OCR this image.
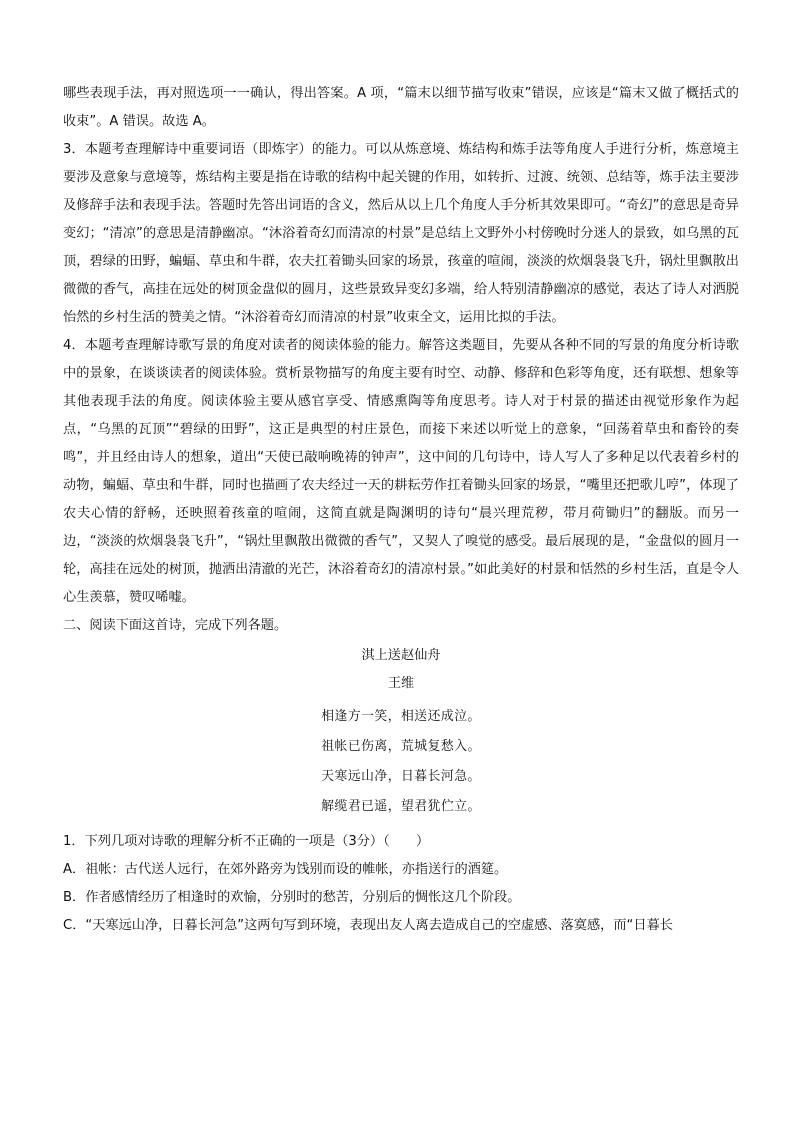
哪些表现手法，再对照选项一一确认，得出答案。A 项，“篇末以细节描写收束”错误，应该是“篇末又做了概括式的收束”。A 错误。故选 A。

3．本题考查理解诗中重要词语（即炼字）的能力。可以从炼意境、炼结构和炼手法等角度人手进行分析，炼意境主要涉及意象与意境等，炼结构主要是指在诗歌的结构中起关键的作用，如转折、过渡、统领、总结等，炼手法主要涉及修辞手法和表现手法。答题时先答出词语的含义，然后从以上几个角度人手分析其效果即可。“奇幻”的意思是奇异变幻；“清凉”的意思是清静幽凉。“沐浴着奇幻而清凉的村景”是总结上文野外小村傍晚时分迷人的景致，如乌黑的瓦顶，碧绿的田野，蝙蝠、草虫和牛群，农夫扛着锄头回家的场景，孩童的喧闹，淡淡的炊烟袅袅飞升，锅灶里飘散出微微的香气，高挂在远处的树顶金盘似的圆月，这些景致异变幻多端，给人特别清静幽凉的感觉，表达了诗人对洒脱怡然的乡村生活的赞美之情。“沐浴着奇幻而清凉的村景”收束全文，运用比拟的手法。

4．本题考查理解诗歌写景的角度对读者的阅读体验的能力。解答这类题目，先要从各种不同的写景的角度分析诗歌中的景象，在谈谈读者的阅读体验。赏析景物描写的角度主要有时空、动静、修辞和色彩等角度，还有联想、想象等其他表现手法的角度。阅读体验主要从感官享受、情感熏陶等角度思考。诗人对于村景的描述由视觉形象作为起点，“乌黑的瓦顶”“碧绿的田野”，这正是典型的村庄景色，而接下来述以听觉上的意象，“回荡着草虫和畜铃的奏鸣”，并且经由诗人的想象，道出“天使已敲响晚祷的钟声”，这中间的几句诗中，诗人写人了多种足以代表着乡村的动物，蝙蝠、草虫和牛群，同时也描画了农夫经过一天的耕耘劳作扛着锄头回家的场景，“嘴里还把歌儿哼”，体现了农夫心情的舒畅，还映照着孩童的喧闹，这简直就是陶渊明的诗句“晨兴理荒秽，带月荷锄归”的翻版。而另一边，“淡淡的炊烟袅袅飞升”，“锅灶里飘散出微微的香气”，又契人了嗅觉的感受。最后展现的是，“金盘似的圆月一轮，高挂在远处的树顶，抛洒出清澈的光芒，沐浴着奇幻的清凉村景。”如此美好的村景和恬然的乡村生活，直是令人心生羡慕，赞叹唏嘘。

二、阅读下面这首诗，完成下列各题。

淇上送赵仙舟

王维

相逢方一笑，相送还成泣。

祖帐已伤离，荒城复愁入。

天寒远山净，日暮长河急。

解缆君已遥，望君犹伫立。

1．下列几项对诗歌的理解分析不正确的一项是（3分）（　　）

A．祖帐：古代送人远行，在郊外路旁为饯别而设的帷帐，亦指送行的酒筵。

B．作者感情经历了相逢时的欢愉，分别时的愁苦，分别后的惆怅这几个阶段。

C．“天寒远山净，日暮长河急”这两句写到环境，表现出友人离去造成自己的空虚感、落寞感，而“日暮长
